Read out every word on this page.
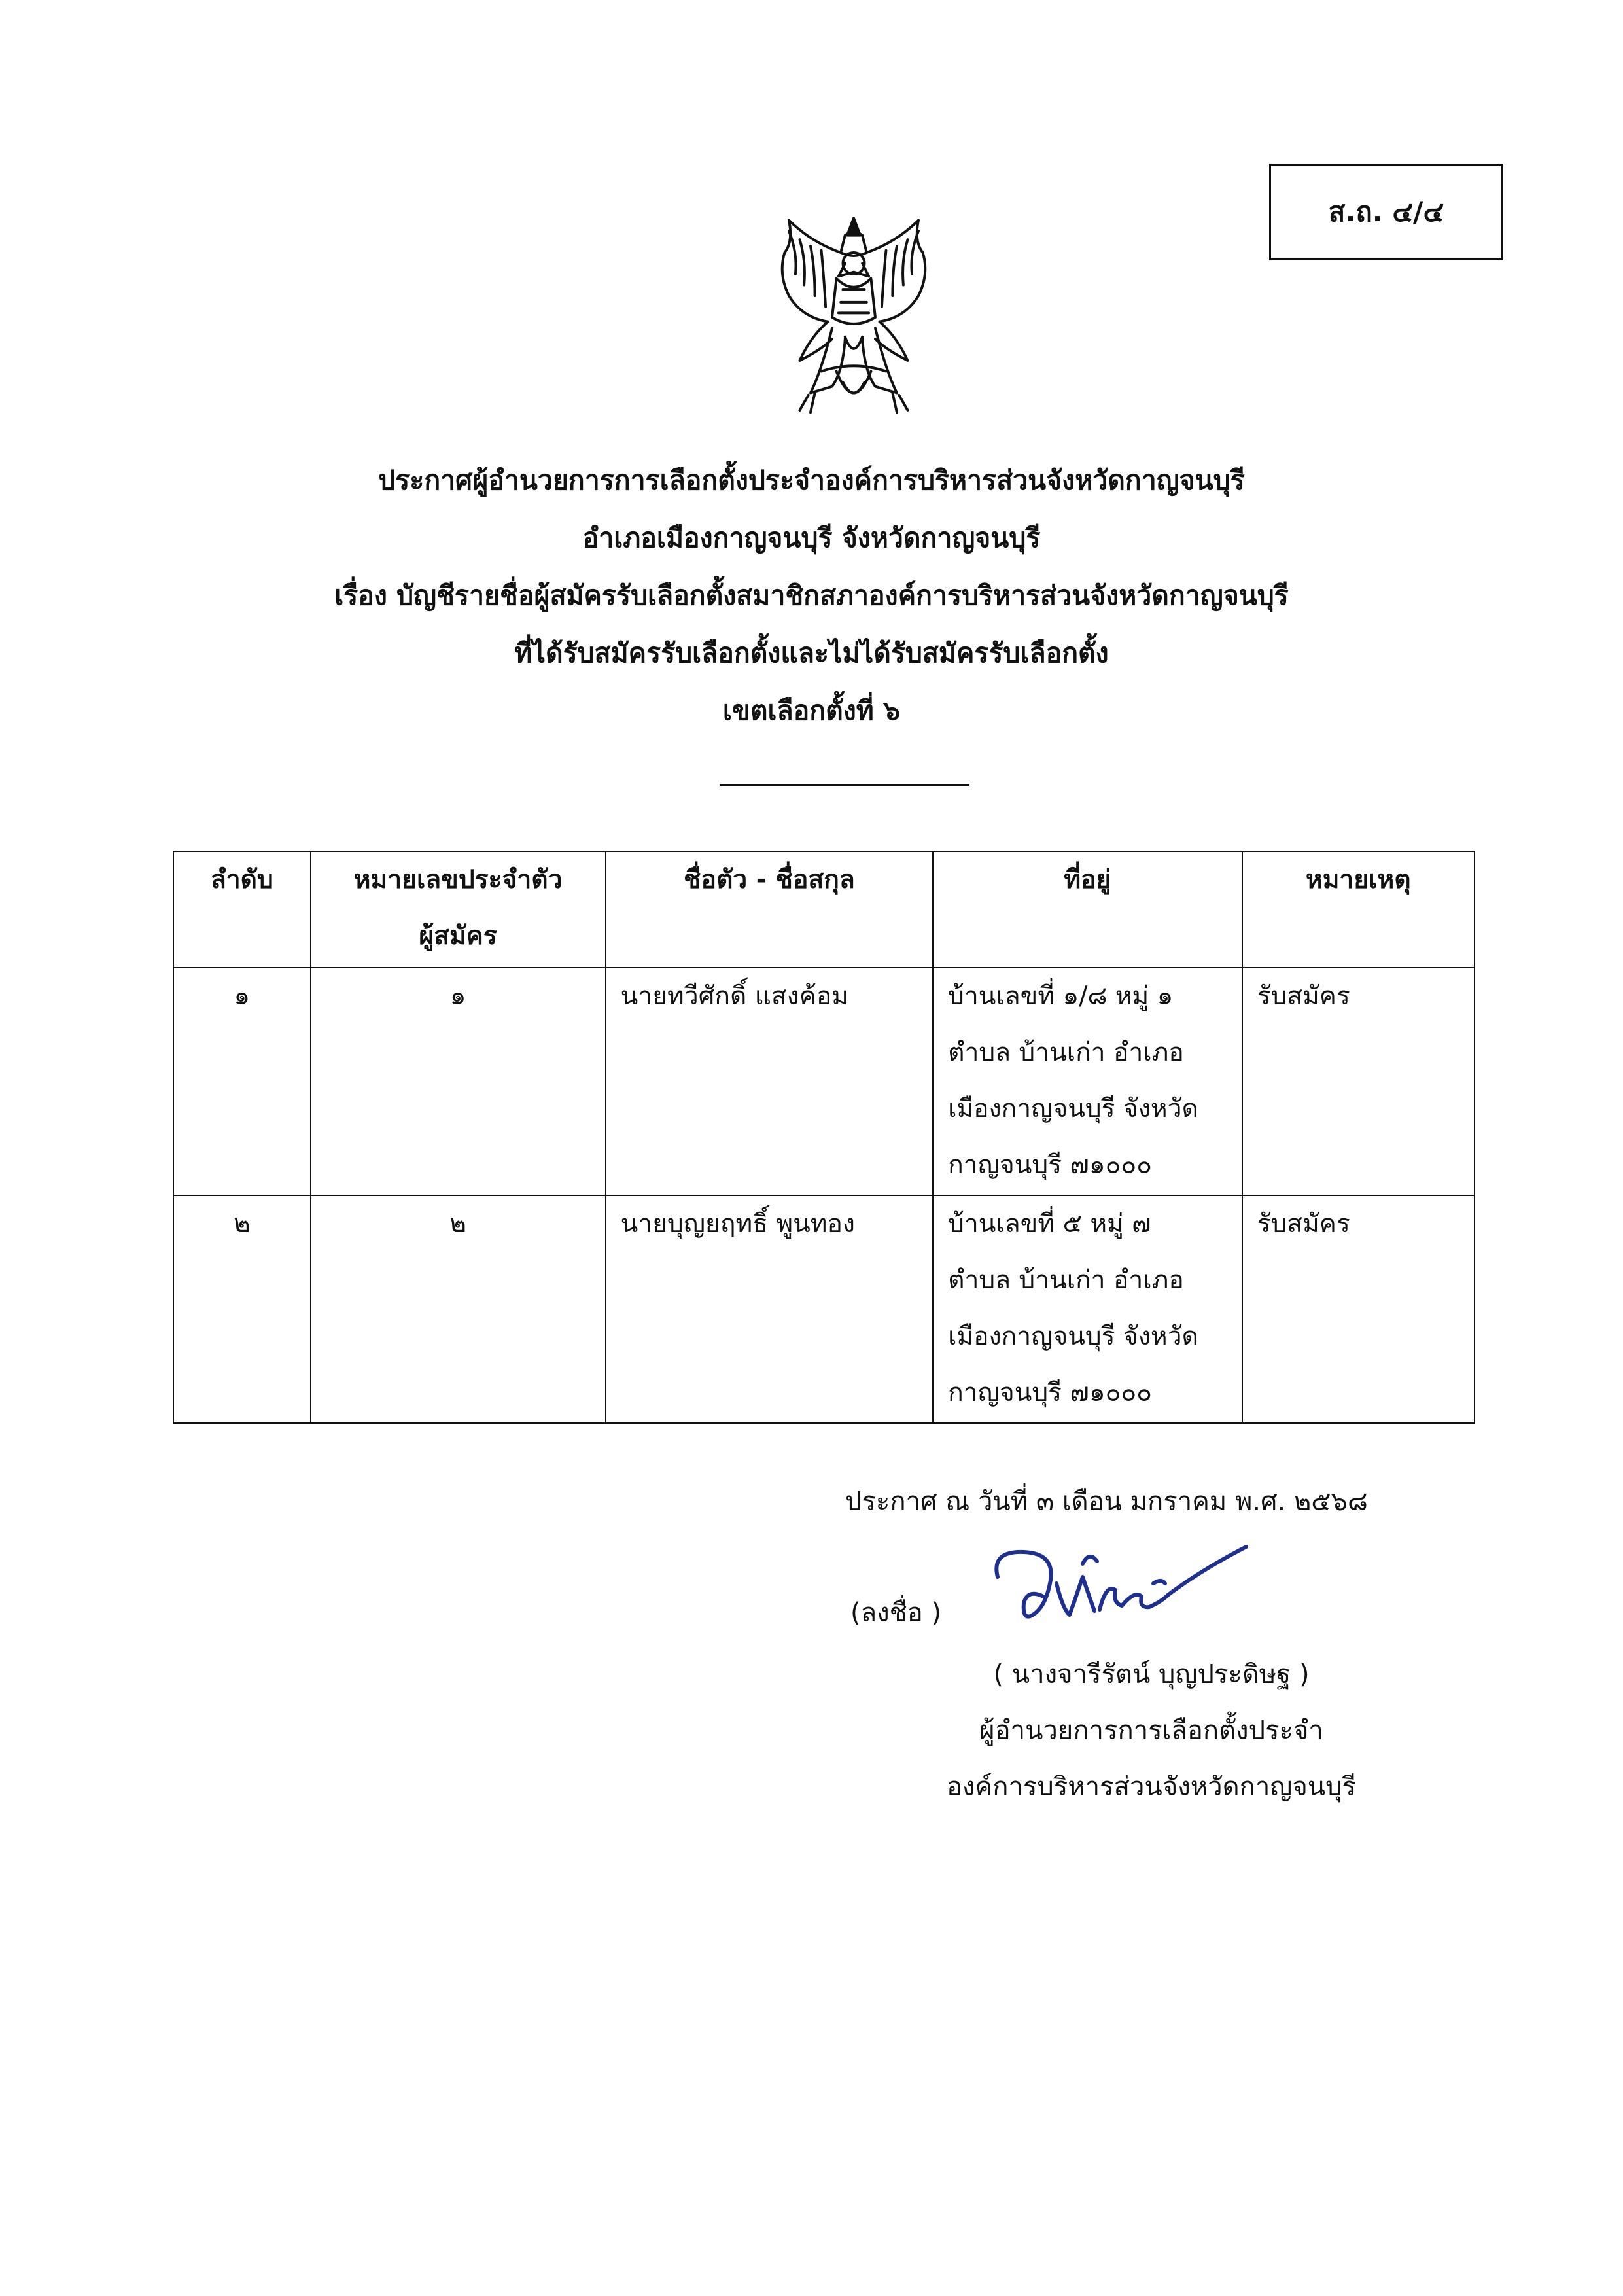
ส.ถ. ๔/๔
ประกาศผู้อำนวยการการเลือกตั้งประจำองค์การบริหารส่วนจังหวัดกาญจนบุรี
อำเภอเมืองกาญจนบุรี จังหวัดกาญจนบุรี
เรื่อง บัญชีรายชื่อผู้สมัครรับเลือกตั้งสมาชิกสภาองค์การบริหารส่วนจังหวัดกาญจนบุรี
ที่ได้รับสมัครรับเลือกตั้งและไม่ได้รับสมัครรับเลือกตั้ง
เขตเลือกตั้งที่ ๖
ลำดับ	หมายเลขประจำตัว
ผู้สมัคร	ชื่อตัว - ชื่อสกุล	ที่อยู่	หมายเหตุ
๑	๑	นายทวีศักดิ์ แสงค้อม	บ้านเลขที่ ๑/๘ หมู่ ๑
ตำบล บ้านเก่า อำเภอ
เมืองกาญจนบุรี จังหวัด
กาญจนบุรี ๗๑๐๐๐	รับสมัคร
๒	๒	นายบุญยฤทธิ์ พูนทอง	บ้านเลขที่ ๕ หมู่ ๗
ตำบล บ้านเก่า อำเภอ
เมืองกาญจนบุรี จังหวัด
กาญจนบุรี ๗๑๐๐๐	รับสมัคร
ประกาศ ณ วันที่ ๓ เดือน มกราคม พ.ศ. ๒๕๖๘
(ลงชื่อ )
( นางจารีรัตน์ บุญประดิษฐ )
ผู้อำนวยการการเลือกตั้งประจำ
องค์การบริหารส่วนจังหวัดกาญจนบุรี
